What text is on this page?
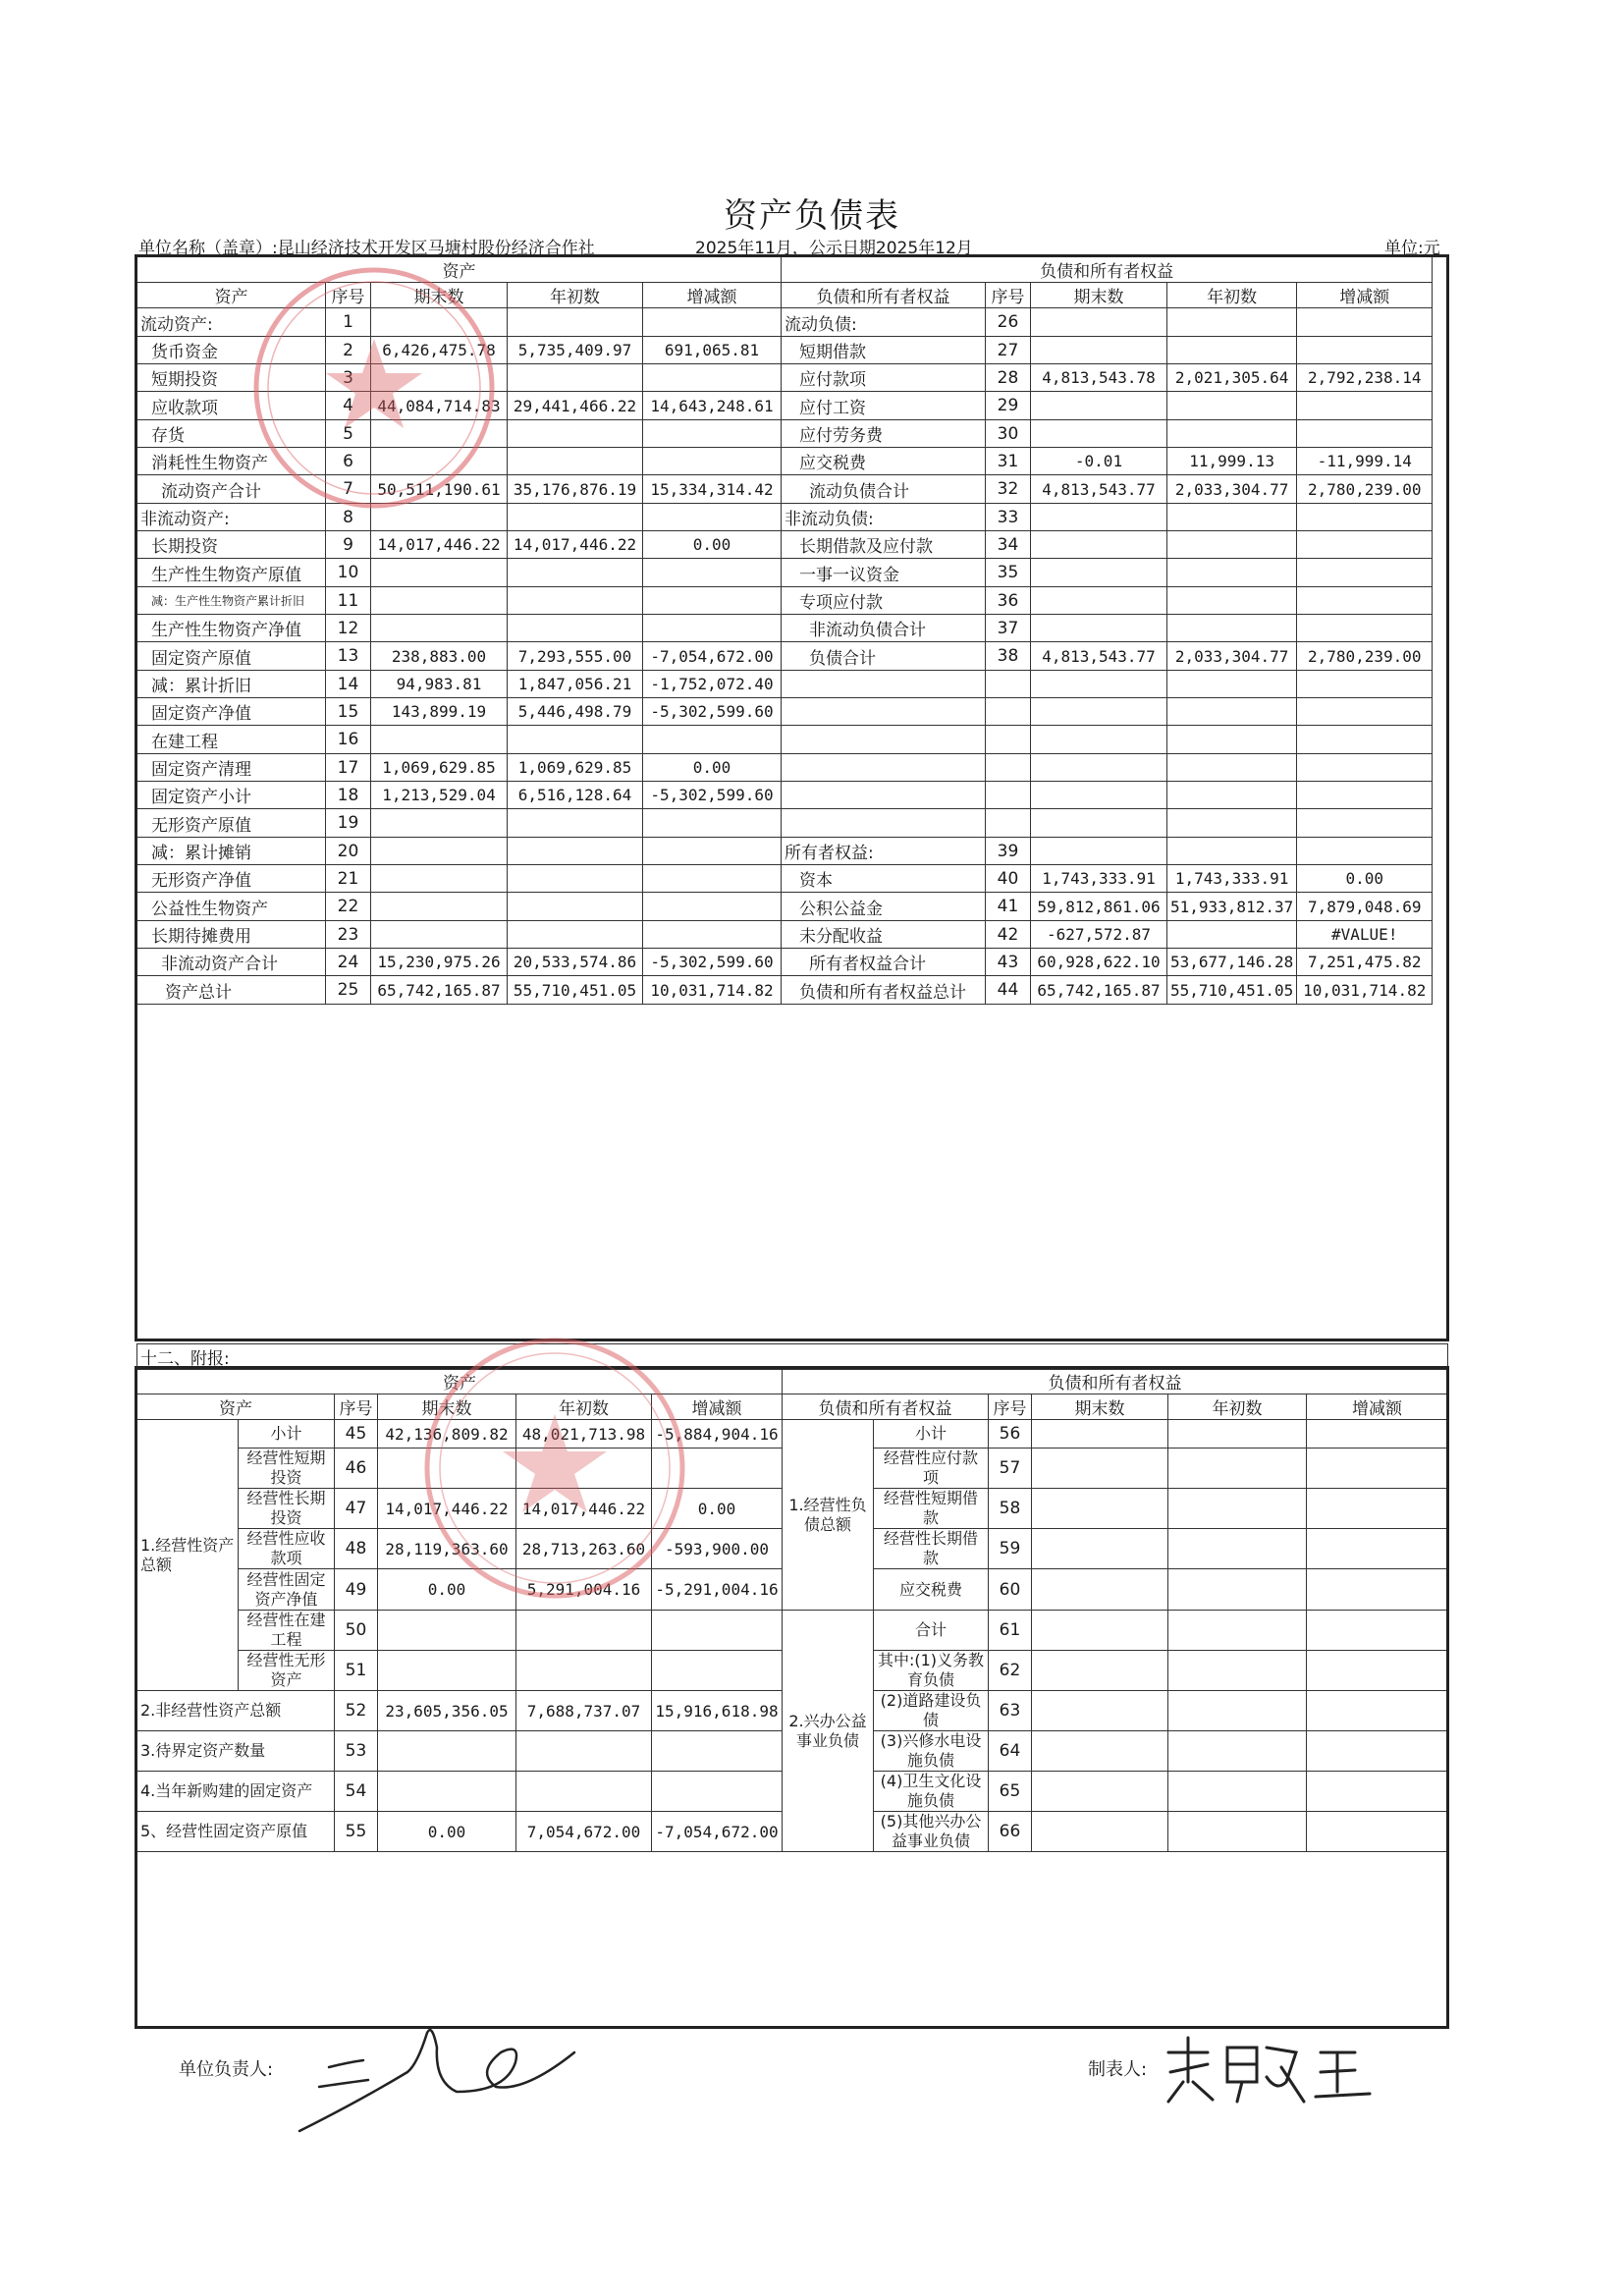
资产负债表
单位名称（盖章）:昆山经济技术开发区马塘村股份经济合作社	2025年11月，公示日期2025年12月	单位:元
资产					负债和所有者权益				
资产	序号	期末数	年初数	增减额	负债和所有者权益	序号	期末数	年初数	增减额
流动资产:	1				流动负债:	26			
货币资金	2	6,426,475.78	5,735,409.97	691,065.81	短期借款	27			
短期投资	3				应付款项	28	4,813,543.78	2,021,305.64	2,792,238.14
应收款项	4	44,084,714.83	29,441,466.22	14,643,248.61	应付工资	29			
存货	5				应付劳务费	30			
消耗性生物资产	6				应交税费	31	-0.01	11,999.13	-11,999.14
流动资产合计	7	50,511,190.61	35,176,876.19	15,334,314.42	流动负债合计	32	4,813,543.77	2,033,304.77	2,780,239.00
非流动资产:	8				非流动负债:	33			
长期投资	9	14,017,446.22	14,017,446.22	0.00	长期借款及应付款	34			
生产性生物资产原值	10				一事一议资金	35			
减：生产性生物资产累计折旧	11				专项应付款	36			
生产性生物资产净值	12				非流动负债合计	37			
固定资产原值	13	238,883.00	7,293,555.00	-7,054,672.00	负债合计	38	4,813,543.77	2,033,304.77	2,780,239.00
减：累计折旧	14	94,983.81	1,847,056.21	-1,752,072.40					
固定资产净值	15	143,899.19	5,446,498.79	-5,302,599.60					
在建工程	16								
固定资产清理	17	1,069,629.85	1,069,629.85	0.00					
固定资产小计	18	1,213,529.04	6,516,128.64	-5,302,599.60					
无形资产原值	19								
减：累计摊销	20				所有者权益:	39			
无形资产净值	21				资本	40	1,743,333.91	1,743,333.91	0.00
公益性生物资产	22				公积公益金	41	59,812,861.06	51,933,812.37	7,879,048.69
长期待摊费用	23				未分配收益	42	-627,572.87		#VALUE!
非流动资产合计	24	15,230,975.26	20,533,574.86	-5,302,599.60	所有者权益合计	43	60,928,622.10	53,677,146.28	7,251,475.82
资产总计	25	65,742,165.87	55,710,451.05	10,031,714.82	负债和所有者权益总计	44	65,742,165.87	55,710,451.05	10,031,714.82
十二、附报:
资产						负债和所有者权益					
资产		序号	期末数	年初数	增减额	负债和所有者权益		序号	期末数	年初数	增减额
1.经营性资产总额	小计	45	42,136,809.82	48,021,713.98	-5,884,904.16	1.经营性负债总额	小计	56			
	经营性短期投资	46					经营性应付款项	57			
	经营性长期投资	47	14,017,446.22	14,017,446.22	0.00		经营性短期借款	58			
	经营性应收款项	48	28,119,363.60	28,713,263.60	-593,900.00		经营性长期借款	59			
	经营性固定资产净值	49	0.00	5,291,004.16	-5,291,004.16		应交税费	60			
	经营性在建工程	50				2.兴办公益事业负债	合计	61			
	经营性无形资产	51					其中:(1)义务教育负债	62			
2.非经营性资产总额		52	23,605,356.05	7,688,737.07	15,916,618.98		(2)道路建设负债	63			
3.待界定资产数量		53					(3)兴修水电设施负债	64			
4.当年新购建的固定资产		54					(4)卫生文化设施负债	65			
5、经营性固定资产原值		55	0.00	7,054,672.00	-7,054,672.00		(5)其他兴办公益事业负债	66			
单位负责人:	制表人:
